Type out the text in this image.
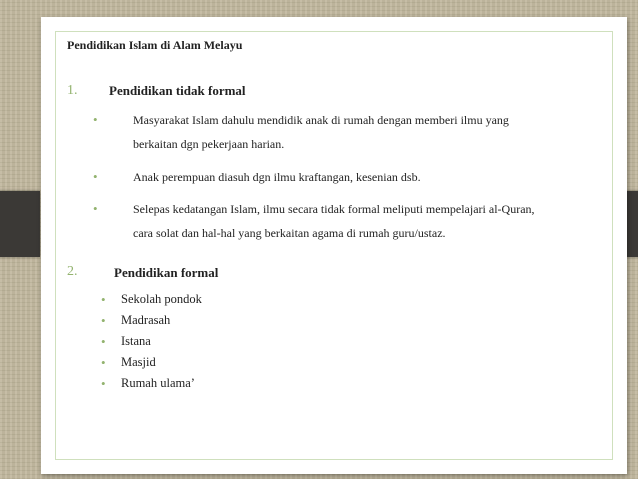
Pendidikan Islam di Alam Melayu
1. Pendidikan tidak formal
•	Masyarakat Islam dahulu mendidik anak di rumah dengan memberi ilmu yang
berkaitan dgn pekerjaan harian.
•	Anak perempuan diasuh dgn ilmu kraftangan, kesenian dsb.
•	Selepas kedatangan Islam, ilmu secara tidak formal meliputi mempelajari al-Quran,
cara solat dan hal-hal yang berkaitan agama di rumah guru/ustaz.
2.	Pendidikan formal
• Sekolah pondok
• Madrasah
• Istana
• Masjid
• Rumah ulama’
